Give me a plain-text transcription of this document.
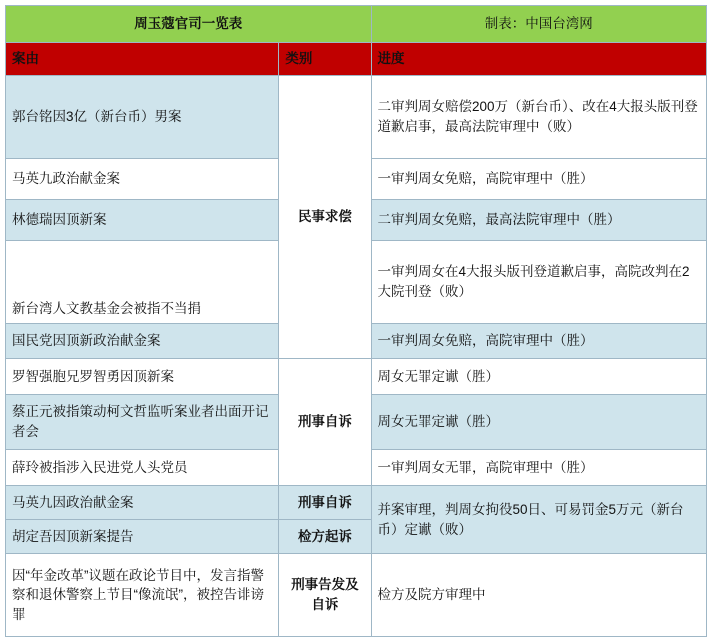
周玉蔻官司一览表		制表：中国台湾网
案由	类别	进度
郭台铭因3亿（新台币）男案	民事求偿	二审判周女赔偿200万（新台币）、改在4大报头版刊登道歉启事，最高法院审理中（败）
马英九政治献金案		一审判周女免赔，高院审理中（胜）
林德瑞因顶新案		二审判周女免赔，最高法院审理中（胜）
新台湾人文教基金会被指不当捐		一审判周女在4大报头版刊登道歉启事，高院改判在2大院刊登（败）
国民党因顶新政治献金案		一审判周女免赔，高院审理中（胜）
罗智强胞兄罗智勇因顶新案	刑事自诉	周女无罪定谳（胜）
蔡正元被指策动柯文哲监听案业者出面开记者会		周女无罪定谳（胜）
薛玲被指涉入民进党人头党员		一审判周女无罪，高院审理中（胜）
马英九因政治献金案	刑事自诉	并案审理，判周女拘役50日、可易罚金5万元（新台币）定谳（败）
胡定吾因顶新案提告	检方起诉	
因“年金改革”议题在政论节目中，发言指警察和退休警察上节目“像流氓”，被控告诽谤罪	刑事告发及自诉	检方及院方审理中
